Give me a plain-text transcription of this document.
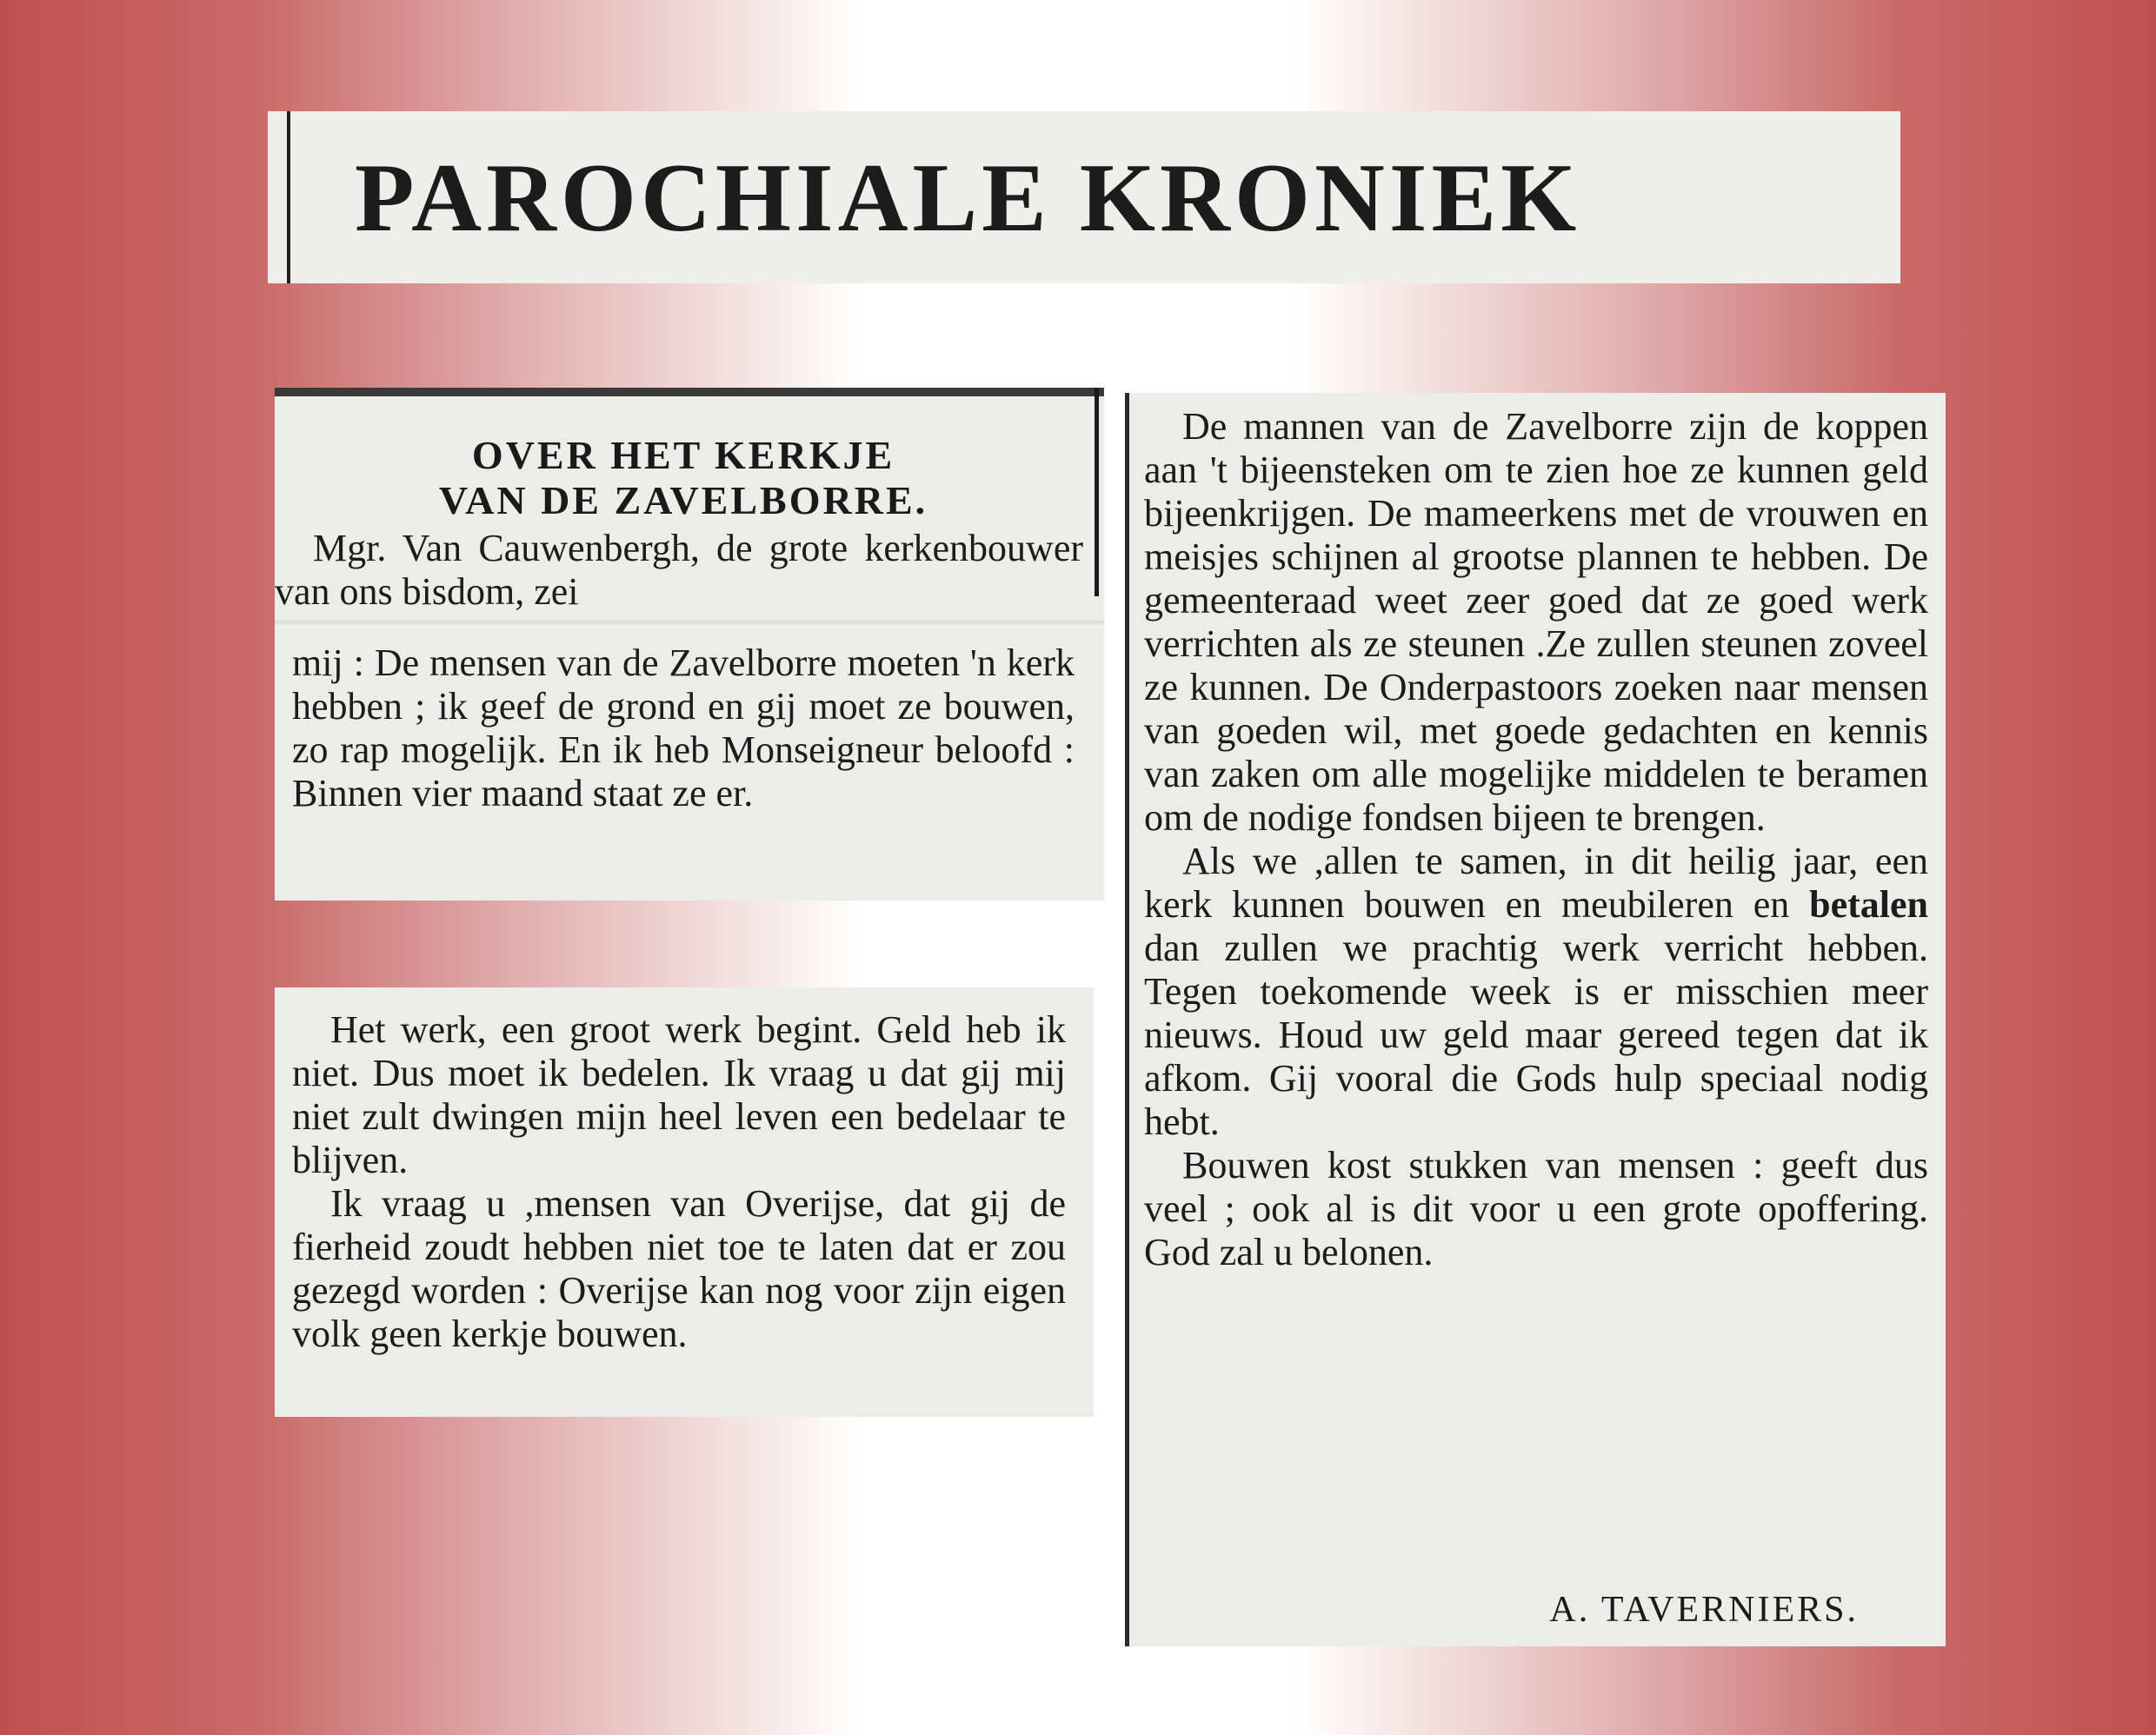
PAROCHIALE KRONIEK
OVER HET KERKJE
VAN DE ZAVELBORRE.

Mgr. Van Cauwenbergh, de grote kerkenbouwer van ons bisdom, zei

mij : De mensen van de Zavelborre moeten 'n kerk hebben ; ik geef de grond en gij moet ze bouwen, zo rap mogelijk. En ik heb Monseigneur beloofd : Binnen vier maand staat ze er.

Het werk, een groot werk begint. Geld heb ik niet. Dus moet ik bedelen. Ik vraag u dat gij mij niet zult dwingen mijn heel leven een bedelaar te blijven.

Ik vraag u ,mensen van Overijse, dat gij de fierheid zoudt hebben niet toe te laten dat er zou gezegd worden : Overijse kan nog voor zijn eigen volk geen kerkje bouwen.

De mannen van de Zavelborre zijn de koppen aan 't bijeensteken om te zien hoe ze kunnen geld bijeenkrijgen. De mameerkens met de vrouwen en meisjes schijnen al grootse plannen te hebben. De gemeenteraad weet zeer goed dat ze goed werk verrichten als ze steunen .Ze zullen steunen zoveel ze kunnen. De Onderpastoors zoeken naar mensen van goeden wil, met goede gedachten en kennis van zaken om alle mogelijke middelen te beramen om de nodige fondsen bijeen te brengen.

Als we ,allen te samen, in dit heilig jaar, een kerk kunnen bouwen en meubileren en betalen dan zullen we prachtig werk verricht hebben. Tegen toekomende week is er misschien meer nieuws. Houd uw geld maar gereed tegen dat ik afkom. Gij vooral die Gods hulp speciaal nodig hebt.

Bouwen kost stukken van mensen : geeft dus veel ; ook al is dit voor u een grote opoffering. God zal u belonen.

A. TAVERNIERS.
